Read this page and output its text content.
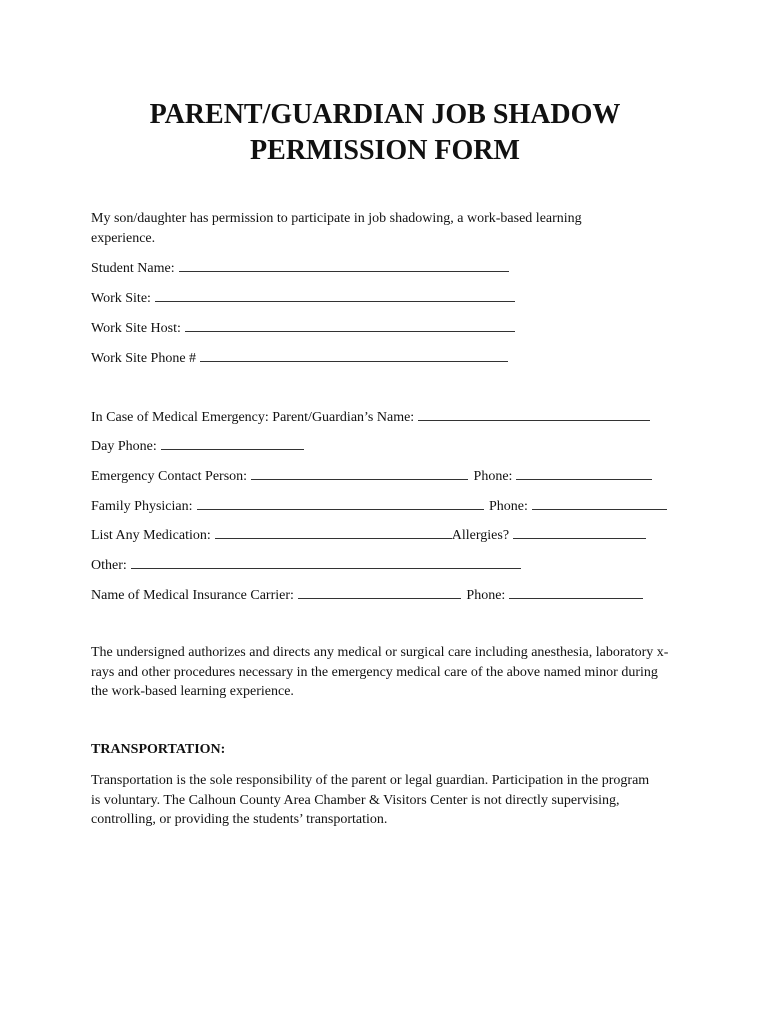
PARENT/GUARDIAN JOB SHADOW
PERMISSION FORM
My son/daughter has permission to participate in job shadowing, a work-based learning experience.
Student Name:
Work Site:
Work Site Host:
Work Site Phone #
In Case of Medical Emergency: Parent/Guardian’s Name:
Day Phone:
Emergency Contact Person:	Phone:
Family Physician:	Phone:
List Any Medication:	Allergies?
Other:
Name of Medical Insurance Carrier:	Phone:
The undersigned authorizes and directs any medical or surgical care including anesthesia, laboratory x-rays and other procedures necessary in the emergency medical care of the above named minor during the work-based learning experience.
TRANSPORTATION:
Transportation is the sole responsibility of the parent or legal guardian. Participation in the program is voluntary. The Calhoun County Area Chamber & Visitors Center is not directly supervising, controlling, or providing the students’ transportation.
